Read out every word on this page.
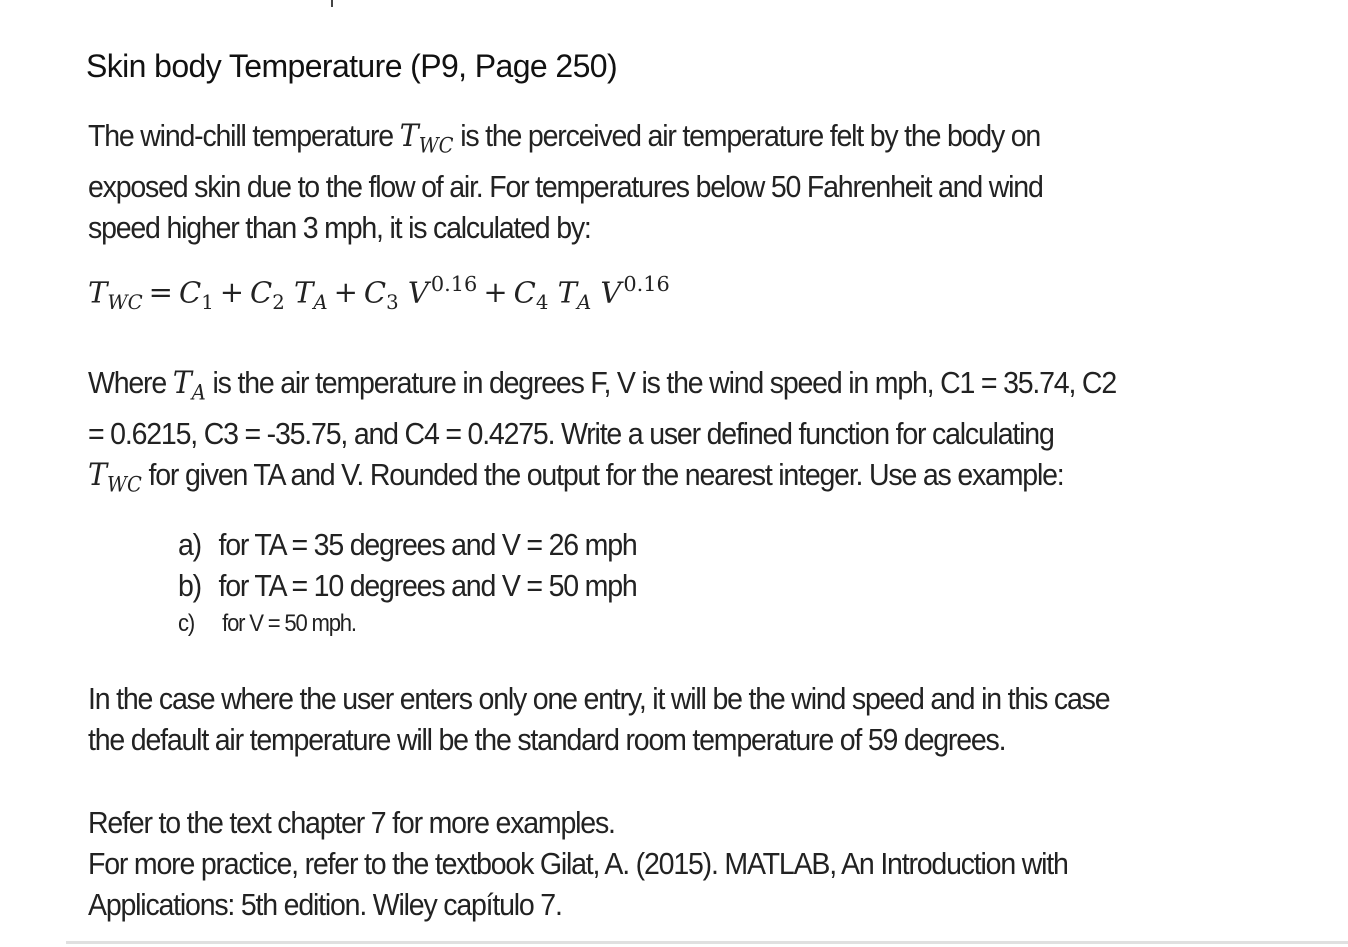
Skin body Temperature (P9, Page 250)
The wind-chill temperature $T_{WC}$ is the perceived air temperature felt by the body on
exposed skin due to the flow of air. For temperatures below 50 Fahrenheit and wind
speed higher than 3 mph, it is calculated by:
$T_{WC} = C_1 + C_2$ $T_A + C_3$ $V^{0.16} + C_4$ $T_A$ $V^{0.16}$
Where $T_A$ is the air temperature in degrees F, V is the wind speed in mph, C1 = 35.74, C2
= 0.6215, C3 = -35.75, and C4 = 0.4275. Write a user defined function for calculating
$T_{WC}$ for given TA and V. Rounded the output for the nearest integer. Use as example:
a) for TA = 35 degrees and V = 26 mph
b) for TA = 10 degrees and V = 50 mph
c) for V = 50 mph.
In the case where the user enters only one entry, it will be the wind speed and in this case
the default air temperature will be the standard room temperature of 59 degrees.
Refer to the text chapter 7 for more examples.
For more practice, refer to the textbook Gilat, A. (2015). MATLAB, An Introduction with
Applications: 5th edition. Wiley capítulo 7.
